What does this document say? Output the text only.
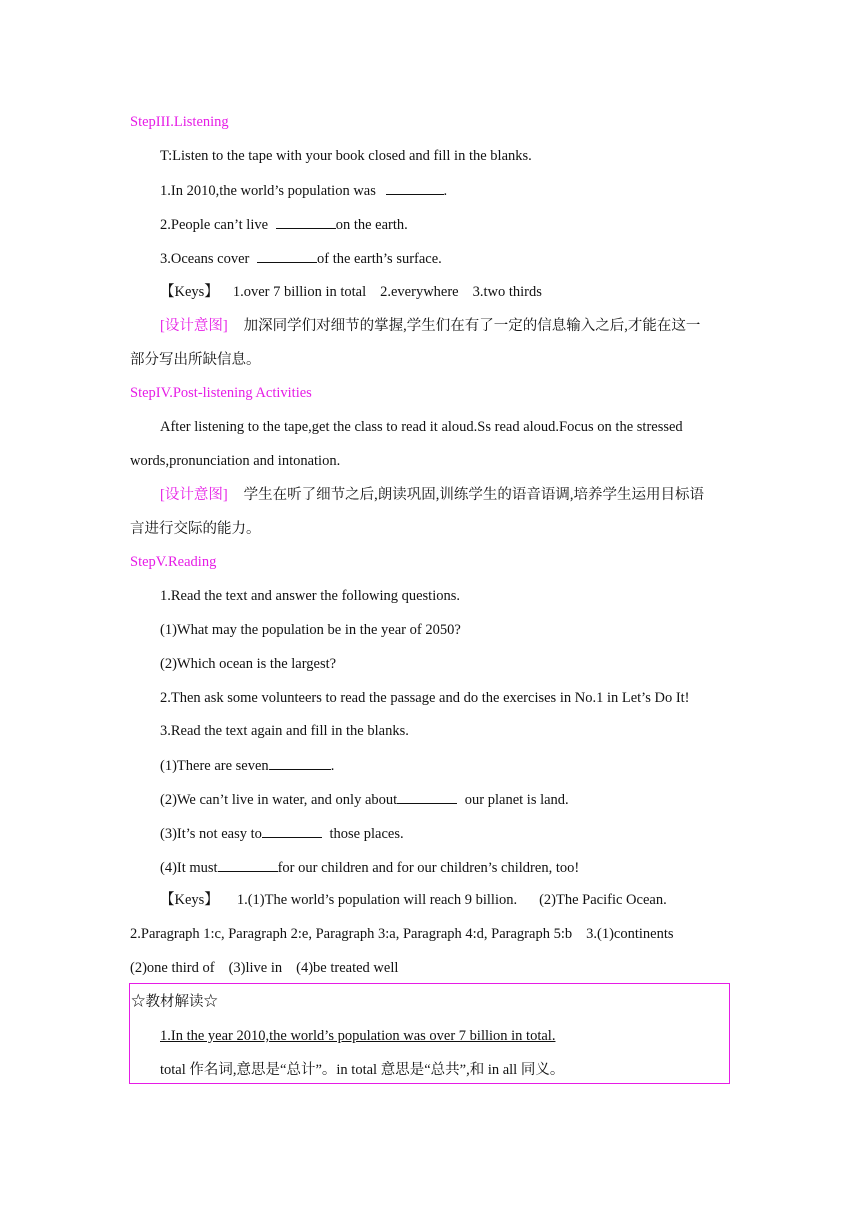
StepIII.Listening
T:Listen to the tape with your book closed and fill in the blanks.
1.In 2010,the world’s population was	.
2.People can’t live	on the earth.
3.Oceans cover	of the earth’s surface.
【Keys】 1.over 7 billion in total 2.everywhere 3.two thirds
[设计意图] 加深同学们对细节的掌握,学生们在有了一定的信息输入之后,才能在这一
部分写出所缺信息。
StepIV.Post-listening Activities
After listening to the tape,get the class to read it aloud.Ss read aloud.Focus on the stressed
words,pronunciation and intonation.
[设计意图] 学生在听了细节之后,朗读巩固,训练学生的语音语调,培养学生运用目标语
言进行交际的能力。
StepV.Reading
1.Read the text and answer the following questions.
(1)What may the population be in the year of 2050?
(2)Which ocean is the largest?
2.Then ask some volunteers to read the passage and do the exercises in No.1 in Let’s Do It!
3.Read the text again and fill in the blanks.
(1)There are seven	.
(2)We can’t live in water, and only about	our planet is land.
(3)It’s not easy to	those places.
(4)It must	for our children and for our children’s children, too!
【Keys】 1.(1)The world’s population will reach 9 billion. (2)The Pacific Ocean.
2.Paragraph 1:c, Paragraph 2:e, Paragraph 3:a, Paragraph 4:d, Paragraph 5:b 3.(1)continents
(2)one third of (3)live in (4)be treated well
☆教材解读☆
1.In the year 2010,the world’s population was over 7 billion in total.
total 作名词,意思是“总计”。in total 意思是“总共”,和 in all 同义。
